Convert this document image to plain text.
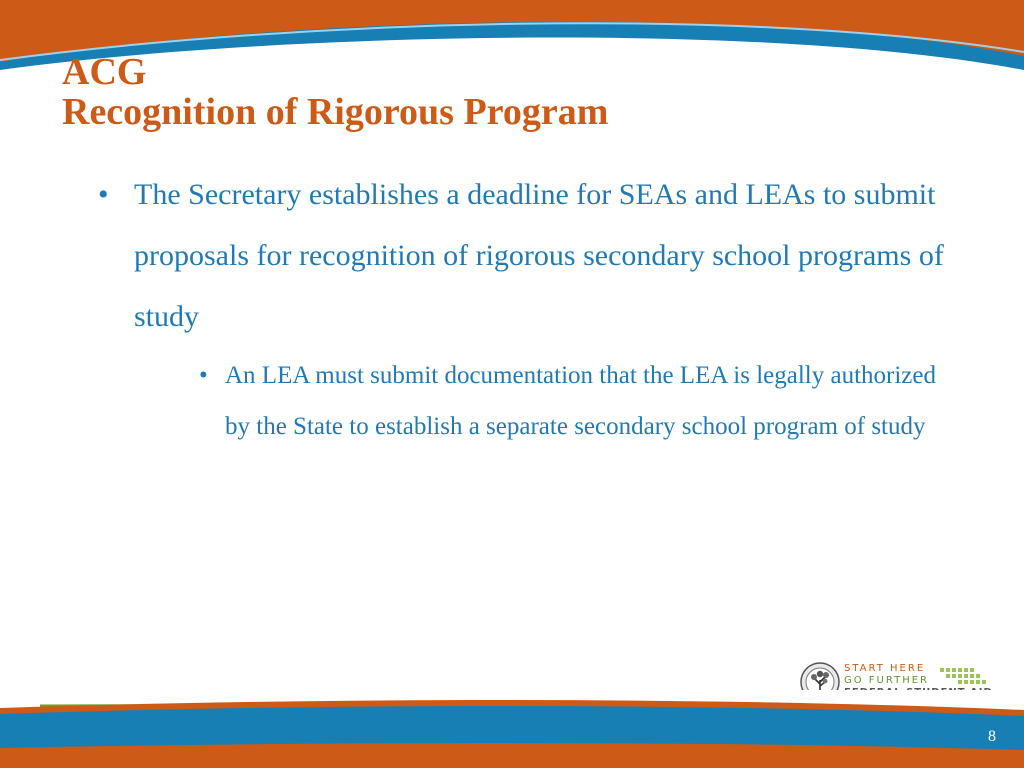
ACG
Recognition of Rigorous Program
• The Secretary establishes a deadline for SEAs and LEAs to submit proposals for recognition of rigorous secondary school programs of study
• An LEA must submit documentation that the LEA is legally authorized by the State to establish a separate secondary school program of study
START HERE
GO FURTHER
8
